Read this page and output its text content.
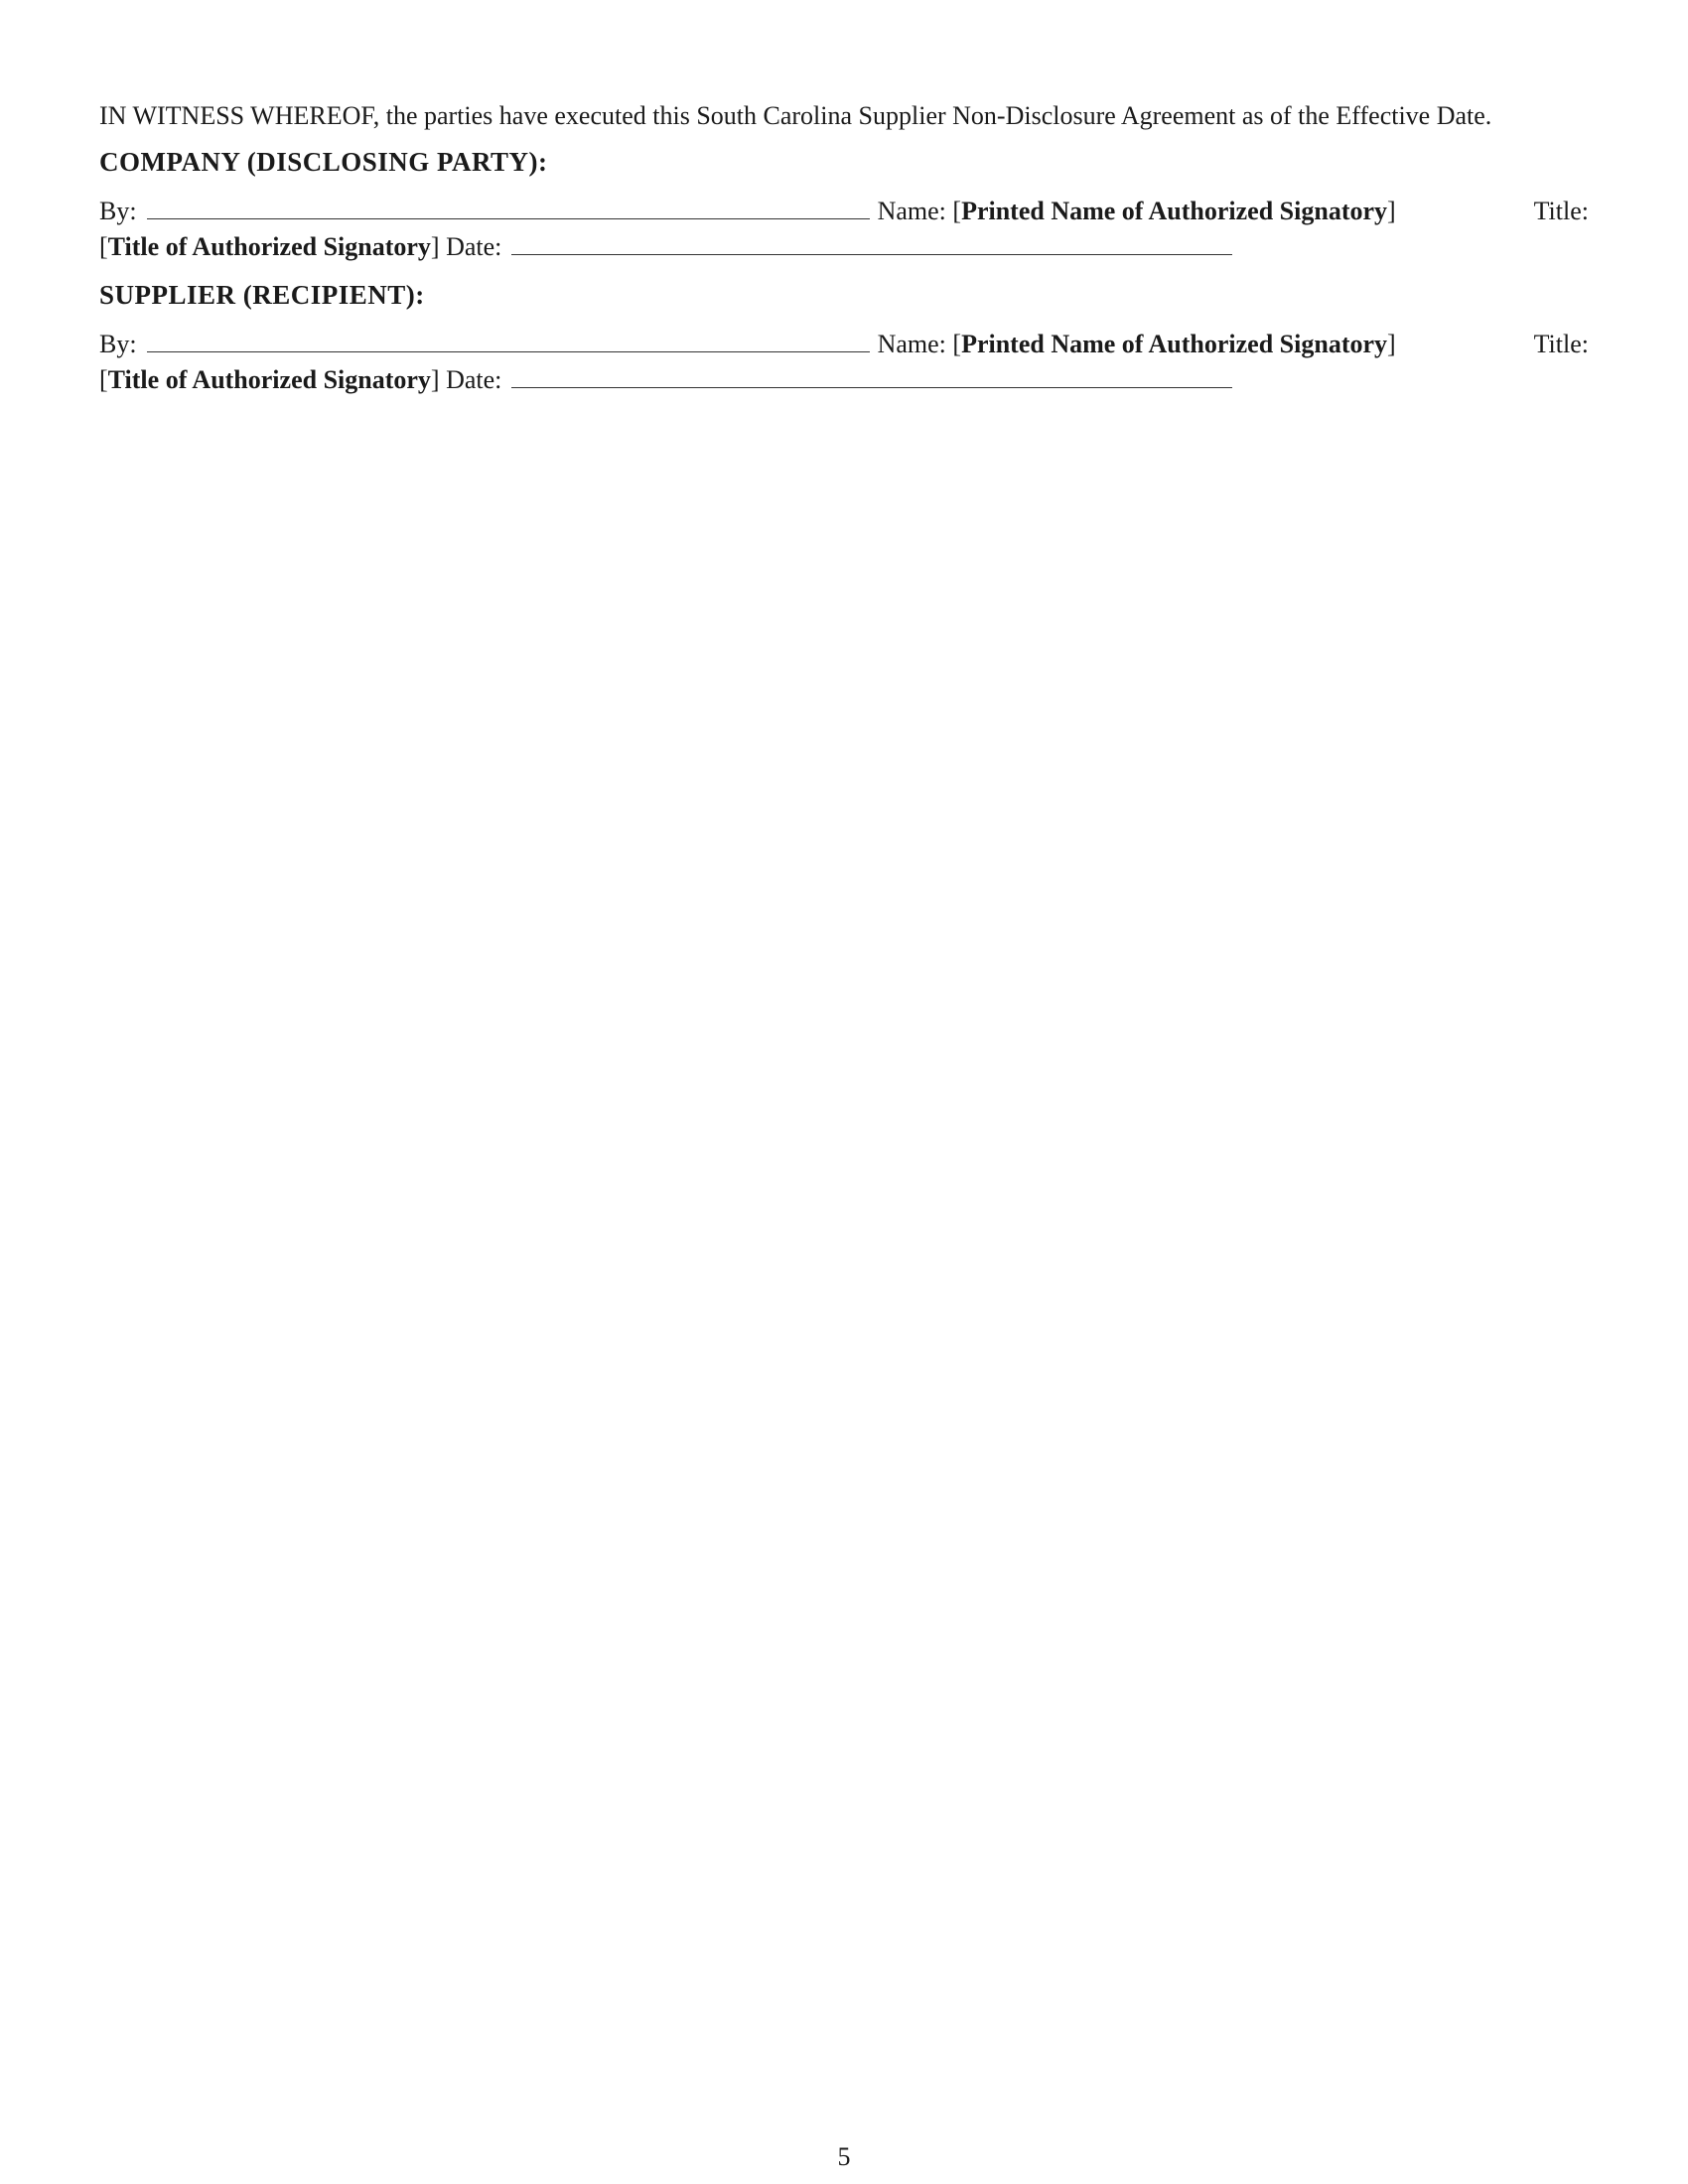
IN WITNESS WHEREOF, the parties have executed this South Carolina Supplier Non-Disclosure Agreement as of the Effective Date.

COMPANY (DISCLOSING PARTY):
By:	Name:
[ Printed Name of Authorized Signatory ]	Title:
[ Title of Authorized Signatory ]
Date:
SUPPLIER (RECIPIENT):
By:	Name:
[ Printed Name of Authorized Signatory ]	Title:
[ Title of Authorized Signatory ]
Date:
5
